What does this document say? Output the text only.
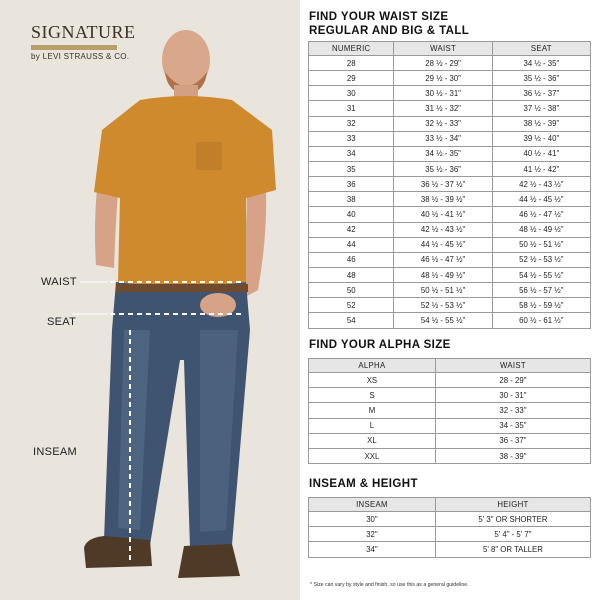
SIGNATURE
by LEVI STRAUSS & CO.
WAIST
SEAT
INSEAM
FIND YOUR WAIST SIZE
REGULAR AND BIG & TALL
NUMERIC	WAIST	SEAT
28	28 ½ - 29"	34 ½ - 35"
29	29 ½ - 30"	35 ½ - 36"
30	30 ½ - 31"	36 ½ - 37"
31	31 ½ - 32"	37 ½ - 38"
32	32 ½ - 33"	38 ½ - 39"
33	33 ½ - 34"	39 ½ - 40"
34	34 ½ - 35"	40 ½ - 41"
35	35 ½ - 36"	41 ½ - 42"
36	36 ½ - 37 ½"	42 ½ - 43 ½"
38	38 ½ - 39 ½"	44 ½ - 45 ½"
40	40 ½ - 41 ½"	46 ½ - 47 ½"
42	42 ½ - 43 ½"	48 ½ - 49 ½"
44	44 ½ - 45 ½"	50 ½ - 51 ½"
46	46 ½ - 47 ½"	52 ½ - 53 ½"
48	48 ½ - 49 ½"	54 ½ - 55 ½"
50	50 ½ - 51 ½"	56 ½ - 57 ½"
52	52 ½ - 53 ½"	58 ½ - 59 ½"
54	54 ½ - 55 ½"	60 ½ - 61 ½"
FIND YOUR ALPHA SIZE
ALPHA	WAIST
XS	28 - 29"
S	30 - 31"
M	32 - 33"
L	34 - 35"
XL	36 - 37"
XXL	38 - 39"
INSEAM & HEIGHT
INSEAM	HEIGHT
30"	5' 3" OR SHORTER
32"	5' 4" - 5' 7"
34"	5' 8" OR TALLER
* Size can vary by style and finish, so use this as a general guideline.
